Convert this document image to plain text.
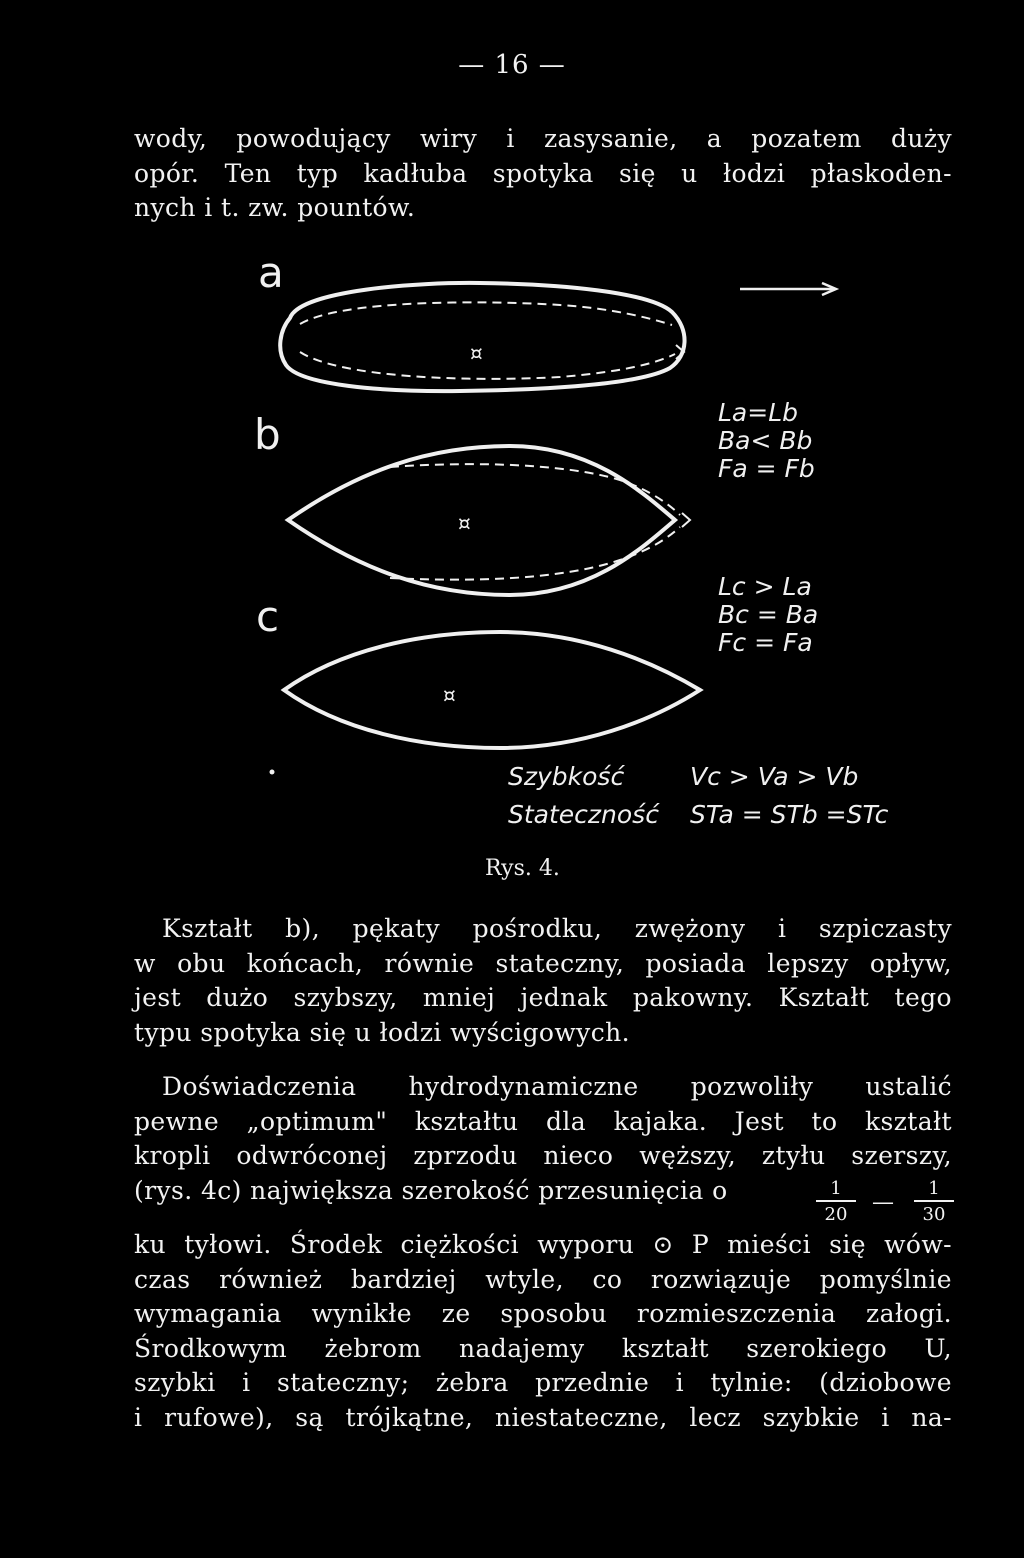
— 16 —
wody, powodujący wiry i zasysanie, a pozatem duży
opór. Ten typ kadłuba spotyka się u łodzi płaskoden-
nych i t. zw. pountów.
¤
¤
¤
a
b
c
La=Lb
Ba< Bb
Fa = Fb
Lc > La
Bc = Ba
Fc = Fa
Szybkość	Vc > Va > Vb
Stateczność STa = STb =STc
Rys. 4.
Kształt b), pękaty pośrodku, zwężony i szpiczasty
w obu końcach, równie stateczny, posiada lepszy opływ,
jest dużo szybszy, mniej jednak pakowny. Kształt tego
typu spotyka się u łodzi wyścigowych.
Doświadczenia hydrodynamiczne pozwoliły ustalić
pewne „optimum" kształtu dla kajaka. Jest to kształt
kropli odwróconej zprzodu nieco węższy, ztyłu szerszy,
(rys. 4c) największa szerokość przesunięcia o	$\frac{1}{20}$ — $\frac{1}{30}$
ku tyłowi. Środek ciężkości wyporu ⊙ P mieści się wów-
czas również bardziej wtyle, co rozwiązuje pomyślnie
wymagania wynikłe ze sposobu rozmieszczenia załogi.
Środkowym żebrom nadajemy kształt szerokiego U,
szybki i stateczny; żebra przednie i tylnie: (dziobowe
i rufowe), są trójkątne, niestateczne, lecz szybkie i na-
